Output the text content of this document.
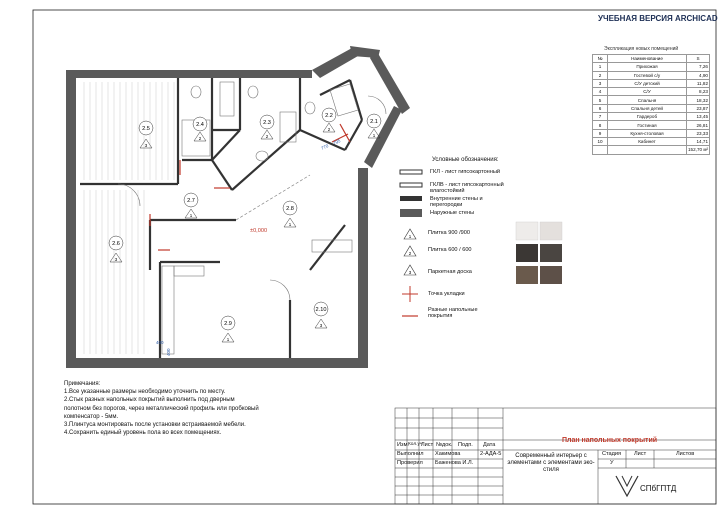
±0,000
770
795
400
400
2.1
1
2.2
2
2.3
2
2.4
2
2.5
3
2.6
3
2.7
1
2.8
1
2.9
1
2.10
3
1
2
3
УЧЕБНАЯ ВЕРСИЯ ARCHICAD
Экспликация новых помещений
№	Наименование	S
1	Прихожая	7,26
2	Гостевой с/у	4,90
3	С/У детский	11,82
4	С/У	8,23
5	Спальня	18,32
6	Спальня детей	23,87
7	Гардероб	13,45
8	Гостиная	26,81
9	Кухня-столовая	23,33
10	Кабинет	14,71
		152,70 м²
Условные обозначения:
ГКЛ - лист гипсокартонный
ГКЛВ - лист гипсокартонный влагостойкий
Внутренние стены и перегородки
Наружные стены
Плитка 900 /900
Плитка 600 / 600
Паркетная доска
Точка укладки
Разные напольные покрытия
Примечания:
1.Все указанные размеры необходимо уточнить по месту.
2.Стык разных напольных покрытий выполнить под дверным
полотном без порогов, через металлический профиль или пробковый
компенсатор - 5мм.
3.Плинтуса монтировать после установки встраиваемой мебели.
4.Сохранить единый уровень пола во всех помещениях.
Изм. Кол.уч
Лист №док. Подп. Дата
Выполнил Хакимова	2-АДА-5
Проверил Баженова И.Л.
План напольных покрытий
Современный интерьер с элементами с элементами эко-стиля
Стадия Лист	Листов
У
СПбГПТД
